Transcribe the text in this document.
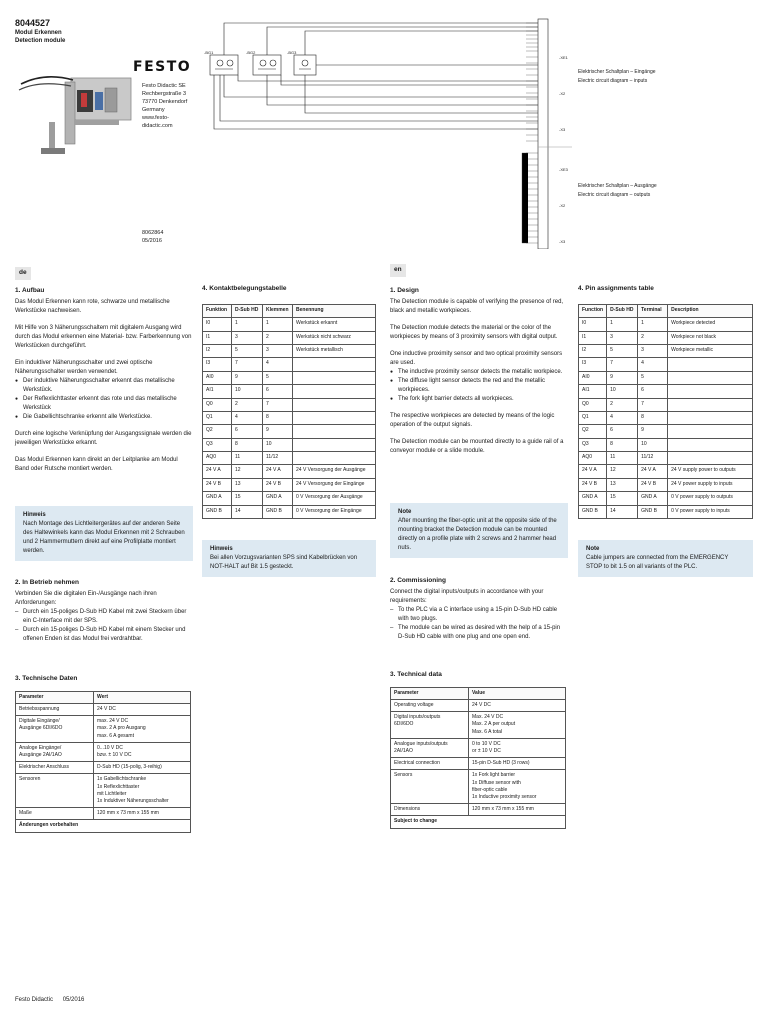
8044527
Modul Erkennen
Detection module
FESTO
Festo Didactic SE
Rechbergstraße 3
73770 Denkendorf
Germany
www.festo-
didactic.com
8062864
05/2016
-BG1	-BG2	-BG3
-XE1
-X2
-X3
-XE3
-X2
-X3
Elektrischer Schaltplan – Eingänge
Electric circuit diagram – inputs
Elektrischer Schaltplan – Ausgänge
Electric circuit diagram – outputs
de	en
1. Aufbau

Das Modul Erkennen kann rote, schwarze und metallische Werkstücke nachweisen.

Mit Hilfe von 3 Näherungsschaltern mit digitalem Ausgang wird durch das Modul erkennen eine Material- bzw. Farberkennung von Werkstücken durchgeführt.

Ein induktiver Näherungsschalter und zwei optische Näherungsschalter werden verwendet.

● Der induktive Näherungsschalter erkennt das metallische Werkstück.
● Der Reflexlichttaster erkennt das rote und das metallische Werkstück
● Die Gabellichtschranke erkennt alle Werkstücke.

Durch eine logische Verknüpfung der Ausgangssignale werden die jeweiligen Werkstücke erkannt.

Das Modul Erkennen kann direkt an der Leitplanke am Modul Band oder Rutsche montiert werden.

Hinweis

Nach Montage des Lichtleitergerätes auf der anderen Seite des Haltewinkels kann das Modul Erkennen mit 2 Schrauben und 2 Hammermuttern direkt auf eine Profilplatte montiert werden.

2. In Betrieb nehmen

Verbinden Sie die digitalen Ein-/Ausgänge nach ihren Anforderungen:

– Durch ein 15-poliges D-Sub HD Kabel mit zwei Steckern über ein C-Interface mit der SPS.
– Durch ein 15-poliges D-Sub HD Kabel mit einem Stecker und offenen Enden ist das Modul frei verdrahtbar.
3. Technische Daten
Parameter	Wert
Betriebsspannung	24 V DC
Digitale Eingänge/
Ausgänge 6DI/6DO	max. 24 V DC
max. 2 A pro Ausgang
max. 6 A gesamt
Analoge Eingänge/
Ausgänge 2AI/1AO	0...10 V DC
bzw. ± 10 V DC
Elektrischer Anschluss	D-Sub HD (15-polig, 3-reihig)
Sensoren	1x Gabellichtschranke
1x Reflexlichttaster
mit Lichtleiter
1x Induktiver Näherungsschalter
Maße	120 mm x 73 mm x 155 mm
Änderungen vorbehalten	
4. Kontaktbelegungstabelle
Funktion	D-Sub HD	Klemmen	Benennung
I0	1	1	Werkstück erkannt
I1	3	2	Werkstück nicht schwarz
I2	5	3	Werkstück metallisch
I3	7	4	
AI0	9	5	
AI1	10	6	
Q0	2	7	
Q1	4	8	
Q2	6	9	
Q3	8	10	
AQ0	11	11/12	
24 V A	12	24 V A	24 V Versorgung der Ausgänge
24 V B	13	24 V B	24 V Versorgung der Eingänge
GND A	15	GND A	0 V Versorgung der Ausgänge
GND B	14	GND B	0 V Versorgung der Eingänge
Hinweis

Bei allen Vorzugsvarianten SPS sind Kabelbrücken von NOT-HALT auf Bit 1.5 gesteckt.

1. Design

The Detection module is capable of verifying the presence of red, black and metallic workpieces.

The Detection module detects the material or the color of the workpieces by means of 3 proximity sensors with digital output.

One inductive proximity sensor and two optical proximity sensors are used.

● The inductive proximity sensor detects the metallic workpiece.
● The diffuse light sensor detects the red and the metallic workpieces.
● The fork light barrier detects all workpieces.

The respective workpieces are detected by means of the logic operation of the output signals.

The Detection module can be mounted directly to a guide rail of a conveyor module or a slide module.

Note

After mounting the fiber-optic unit at the opposite side of the mounting bracket the Detection module can be mounted directly on a profile plate with 2 screws and 2 hammer head nuts.

2. Commissioning

Connect the digital inputs/outputs in accordance with your requirements:

– To the PLC via a C interface using a 15-pin D-Sub HD cable with two plugs.
– The module can be wired as desired with the help of a 15-pin D-Sub HD cable with one plug and one open end.
3. Technical data
Parameter	Value
Operating voltage	24 V DC
Digital inputs/outputs
6DI/6DO	Max. 24 V DC
Max. 2 A per output
Max. 6 A total
Analogue inputs/outputs
2AI/1AO	0 to 10 V DC
or ± 10 V DC
Electrical connection	15-pin D-Sub HD (3 rows)
Sensors	1x Fork light barrier
1x Diffuse sensor with
fiber-optic cable
1x Inductive proximity sensor
Dimensions	120 mm x 73 mm x 155 mm
Subject to change	
4. Pin assignments table
Function	D-Sub HD	Terminal	Description
I0	1	1	Workpiece detected
I1	3	2	Workpiece not black
I2	5	3	Workpiece metallic
I3	7	4	
AI0	9	5	
AI1	10	6	
Q0	2	7	
Q1	4	8	
Q2	6	9	
Q3	8	10	
AQ0	11	11/12	
24 V A	12	24 V A	24 V supply power to outputs
24 V B	13	24 V B	24 V power supply to inputs
GND A	15	GND A	0 V power supply to outputs
GND B	14	GND B	0 V power supply to inputs
Note

Cable jumpers are connected from the EMERGENCY STOP to bit 1.5 on all variants of the PLC.

Festo Didactic 05/2016
